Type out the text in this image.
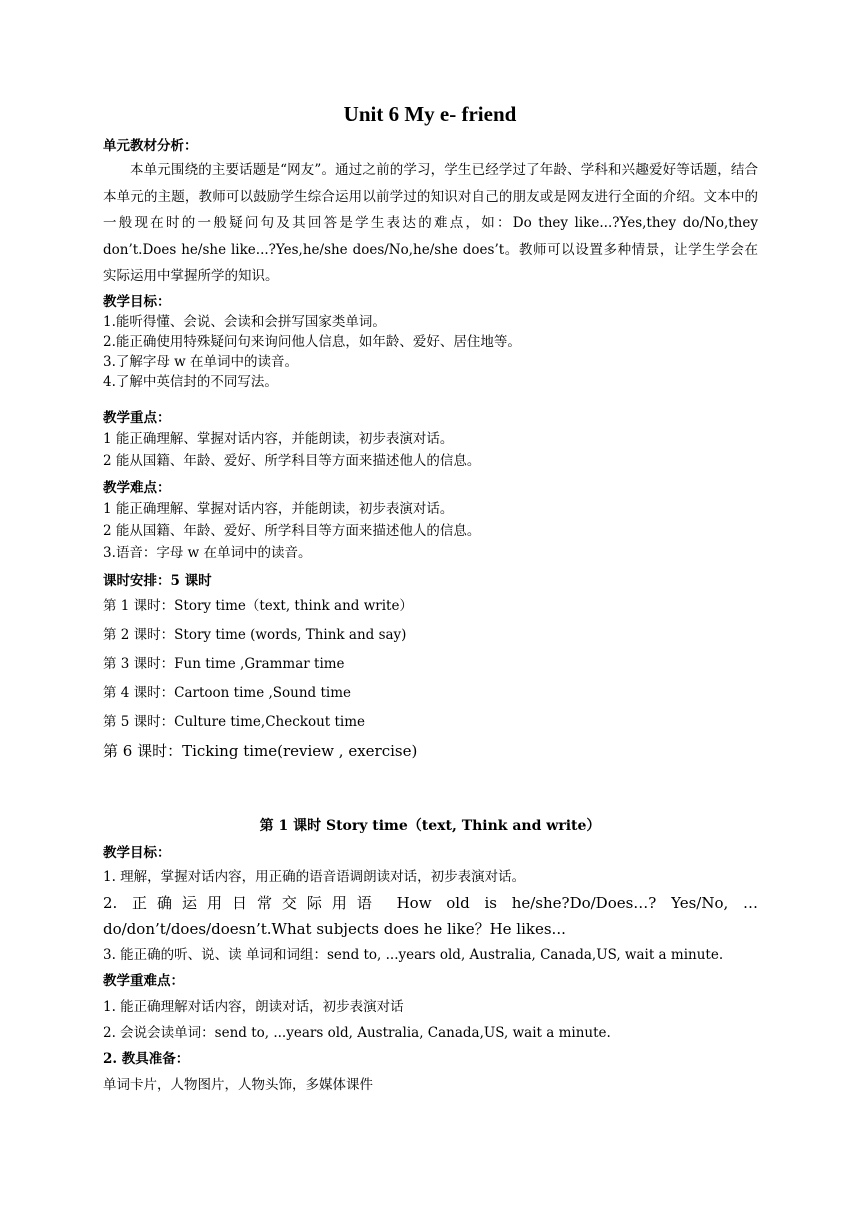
Unit 6 My e- friend
单元教材分析：
本单元围绕的主要话题是“网友”。通过之前的学习，学生已经学过了年龄、学科和兴趣爱好等话题，结合本单元的主题，教师可以鼓励学生综合运用以前学过的知识对自己的朋友或是网友进行全面的介绍。文本中的一般现在时的一般疑问句及其回答是学生表达的难点，如：Do they like...?Yes,they do/No,they don’t.Does he/she like...?Yes,he/she does/No,he/she does’t。教师可以设置多种情景，让学生学会在实际运用中掌握所学的知识。
教学目标：
1.能听得懂、会说、会读和会拼写国家类单词。
2.能正确使用特殊疑问句来询问他人信息，如年龄、爱好、居住地等。
3.了解字母 w 在单词中的读音。
4.了解中英信封的不同写法。
教学重点：
1 能正确理解、掌握对话内容，并能朗读，初步表演对话。
2 能从国籍、年龄、爱好、所学科目等方面来描述他人的信息。
教学难点：
1 能正确理解、掌握对话内容，并能朗读，初步表演对话。
2 能从国籍、年龄、爱好、所学科目等方面来描述他人的信息。
3.语音：字母 w 在单词中的读音。
课时安排：5 课时
第 1 课时：Story time（text, think and write）
第 2 课时：Story time (words, Think and say)
第 3 课时：Fun time ,Grammar time
第 4 课时：Cartoon time ,Sound time
第 5 课时：Culture time,Checkout time
第 6 课时：Ticking time(review , exercise)
第 1 课时 Story time（text, Think and write）
教学目标：
1. 理解，掌握对话内容，用正确的语音语调朗读对话，初步表演对话。
2. 正确运用日常交际用语 How old is he/she?Do/Does…? Yes/No, …
do/don’t/does/doesn’t.What subjects does he like？He likes...
3. 能正确的听、说、读 单词和词组：send to, ...years old, Australia, Canada,US, wait a minute.
教学重难点：
1. 能正确理解对话内容，朗读对话，初步表演对话
2. 会说会读单词：send to, ...years old, Australia, Canada,US, wait a minute.
2. 教具准备：
单词卡片，人物图片，人物头饰，多媒体课件
